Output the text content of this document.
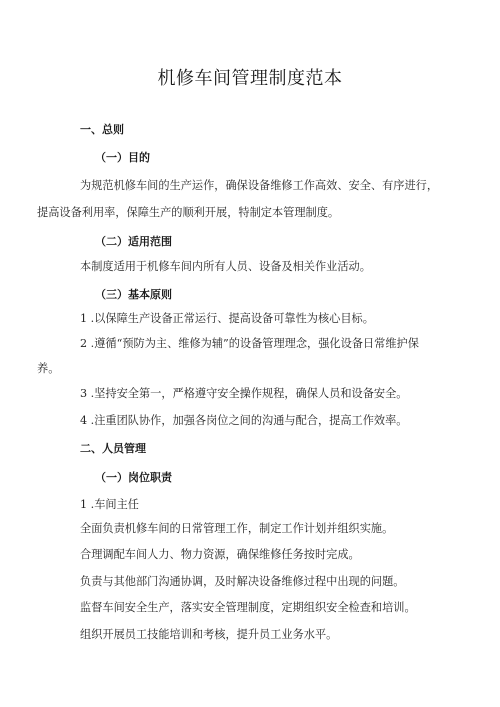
机修车间管理制度范本
一、总则
（一）目的
为规范机修车间的生产运作，确保设备维修工作高效、安全、有序进行，
提高设备利用率，保障生产的顺利开展，特制定本管理制度。
（二）适用范围
本制度适用于机修车间内所有人员、设备及相关作业活动。
（三）基本原则
1 .以保障生产设备正常运行、提高设备可靠性为核心目标。
2 .遵循“预防为主、维修为辅”的设备管理理念，强化设备日常维护保
养。
3 .坚持安全第一，严格遵守安全操作规程，确保人员和设备安全。
4 .注重团队协作，加强各岗位之间的沟通与配合，提高工作效率。
二、人员管理
（一）岗位职责
1 .车间主任
全面负责机修车间的日常管理工作，制定工作计划并组织实施。
合理调配车间人力、物力资源，确保维修任务按时完成。
负责与其他部门沟通协调，及时解决设备维修过程中出现的问题。
监督车间安全生产，落实安全管理制度，定期组织安全检查和培训。
组织开展员工技能培训和考核，提升员工业务水平。
